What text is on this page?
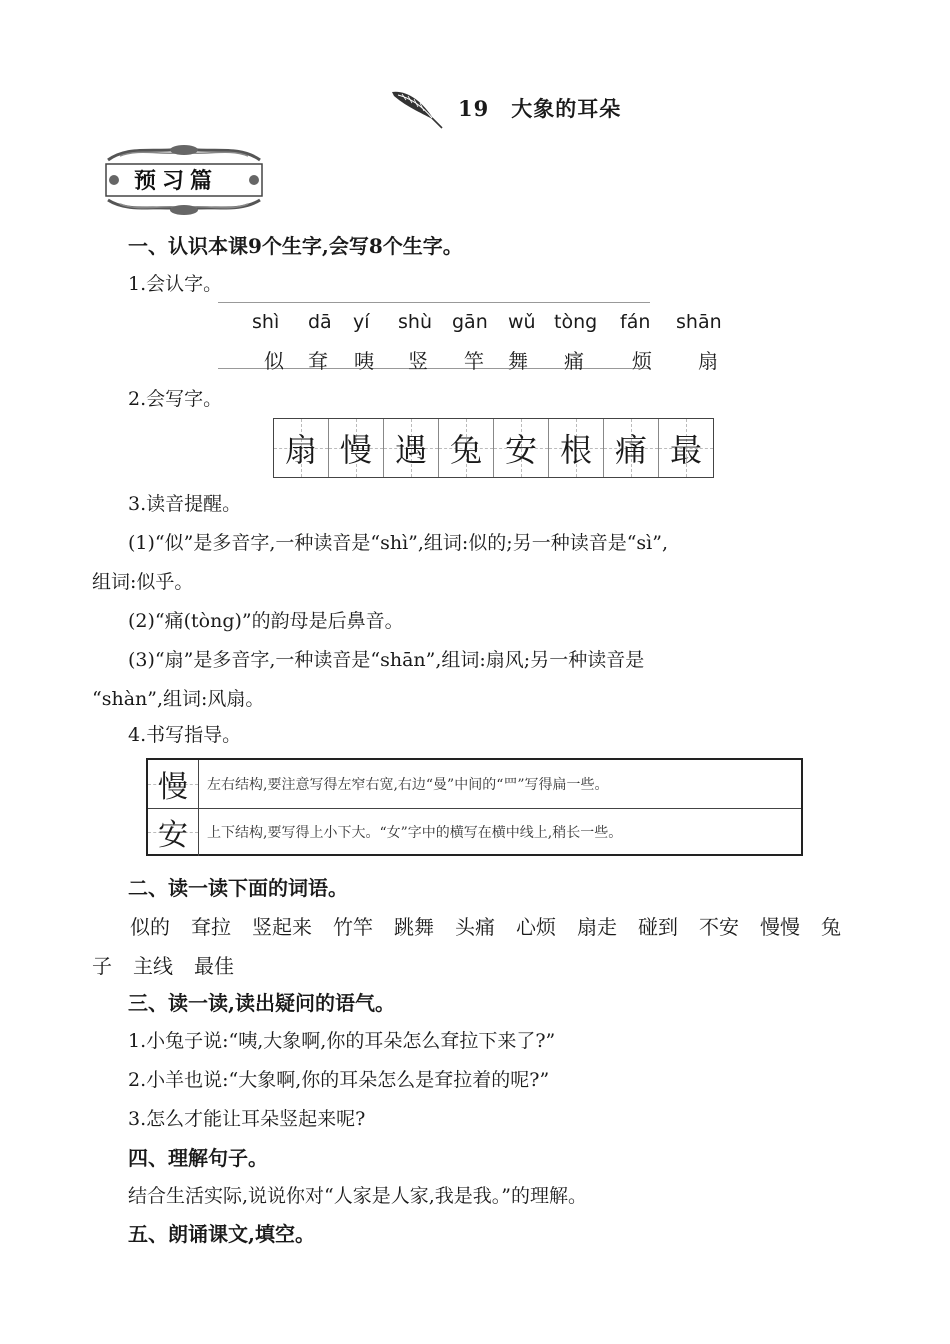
19 大象的耳朵
预习篇
一、认识本课9个生字,会写8个生字。
1.会认字。
shì dā yí shù gān wǔ tòng fán shān
似 耷 咦 竖 竿 舞 痛 烦 扇
2.会写字。
扇 慢 遇 兔 安 根 痛 最
3.读音提醒。
(1)“似”是多音字,一种读音是“shì”,组词:似的;另一种读音是“sì”,
组词:似乎。
(2)“痛(tòng)”的韵母是后鼻音。
(3)“扇”是多音字,一种读音是“shān”,组词:扇风;另一种读音是
“shàn”,组词:风扇。
4.书写指导。
慢	左右结构,要注意写得左窄右宽,右边“曼”中间的“罒”写得扁一些。
安	上下结构,要写得上小下大。“女”字中的横写在横中线上,稍长一些。
二、读一读下面的词语。
似的 耷拉 竖起来 竹竿 跳舞 头痛 心烦 扇走 碰到 不安 慢慢 兔子 主线 最佳
三、读一读,读出疑问的语气。
1.小兔子说:“咦,大象啊,你的耳朵怎么耷拉下来了?”
2.小羊也说:“大象啊,你的耳朵怎么是耷拉着的呢?”
3.怎么才能让耳朵竖起来呢?
四、理解句子。
结合生活实际,说说你对“人家是人家,我是我。”的理解。
五、朗诵课文,填空。
